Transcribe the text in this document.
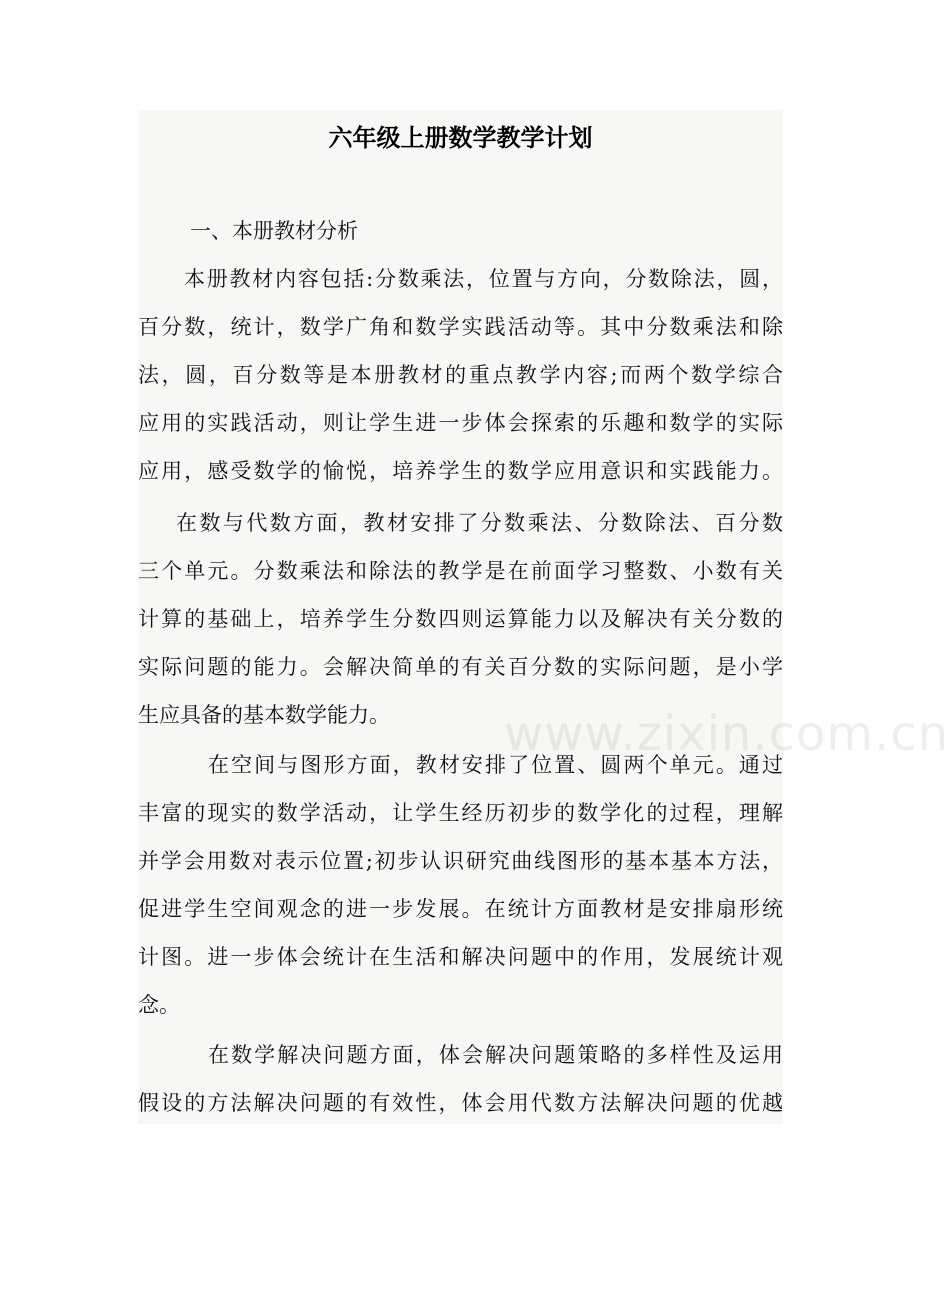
六年级上册数学教学计划
www.zixin.com.cn
一、本册教材分析
本册教材内容包括:分数乘法，位置与方向，分数除法，圆，
百分数，统计，数学广角和数学实践活动等。其中分数乘法和除
法，圆，百分数等是本册教材的重点教学内容;而两个数学综合
应用的实践活动，则让学生进一步体会探索的乐趣和数学的实际
应用，感受数学的愉悦，培养学生的数学应用意识和实践能力。
在数与代数方面，教材安排了分数乘法、分数除法、百分数
三个单元。分数乘法和除法的教学是在前面学习整数、小数有关
计算的基础上，培养学生分数四则运算能力以及解决有关分数的
实际问题的能力。会解决简单的有关百分数的实际问题，是小学
生应具备的基本数学能力。
在空间与图形方面，教材安排了位置、圆两个单元。通过
丰富的现实的数学活动，让学生经历初步的数学化的过程，理解
并学会用数对表示位置;初步认识研究曲线图形的基本基本方法，
促进学生空间观念的进一步发展。在统计方面教材是安排扇形统
计图。进一步体会统计在生活和解决问题中的作用，发展统计观
念。
在数学解决问题方面，体会解决问题策略的多样性及运用
假设的方法解决问题的有效性，体会用代数方法解决问题的优越
